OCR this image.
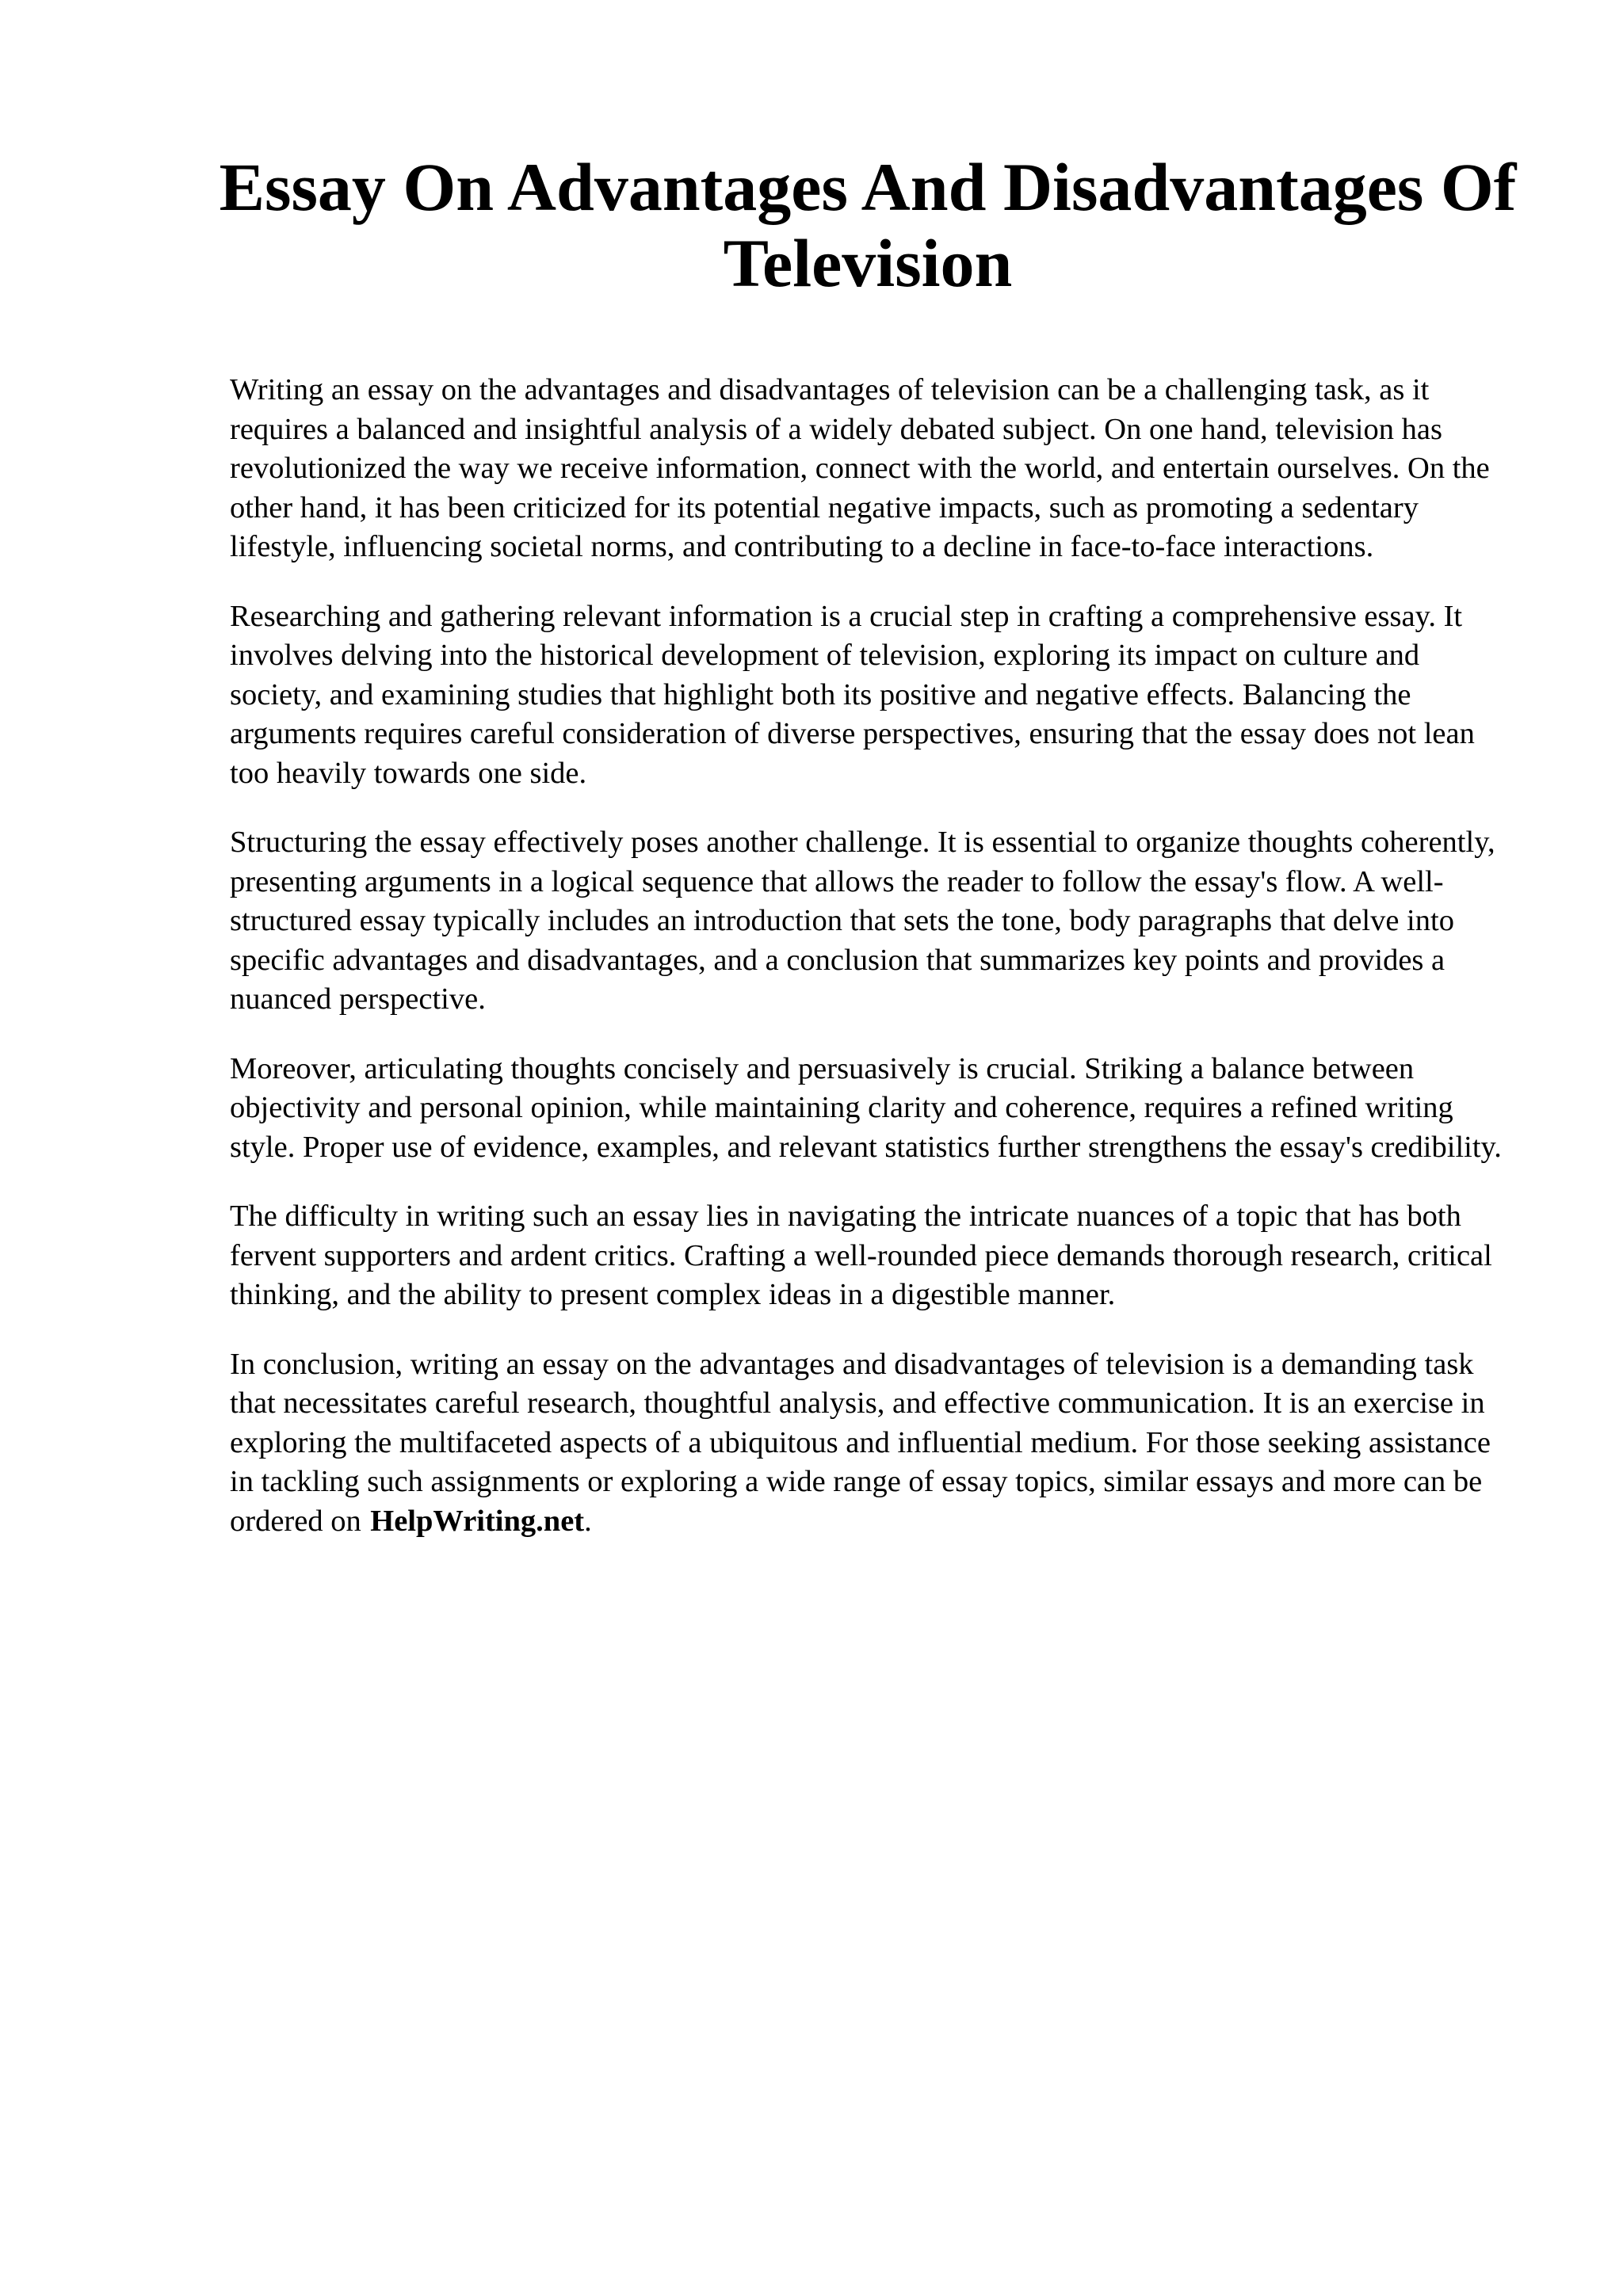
Essay On Advantages And Disadvantages Of Television

Writing an essay on the advantages and disadvantages of television can be a challenging task, as it requires a balanced and insightful analysis of a widely debated subject. On one hand, television has revolutionized the way we receive information, connect with the world, and entertain ourselves. On the other hand, it has been criticized for its potential negative impacts, such as promoting a sedentary lifestyle, influencing societal norms, and contributing to a decline in face-to-face interactions.

Researching and gathering relevant information is a crucial step in crafting a comprehensive essay. It involves delving into the historical development of television, exploring its impact on culture and society, and examining studies that highlight both its positive and negative effects. Balancing the arguments requires careful consideration of diverse perspectives, ensuring that the essay does not lean too heavily towards one side.

Structuring the essay effectively poses another challenge. It is essential to organize thoughts coherently, presenting arguments in a logical sequence that allows the reader to follow the essay's flow. A well-structured essay typically includes an introduction that sets the tone, body paragraphs that delve into specific advantages and disadvantages, and a conclusion that summarizes key points and provides a nuanced perspective.

Moreover, articulating thoughts concisely and persuasively is crucial. Striking a balance between objectivity and personal opinion, while maintaining clarity and coherence, requires a refined writing style. Proper use of evidence, examples, and relevant statistics further strengthens the essay's credibility.

The difficulty in writing such an essay lies in navigating the intricate nuances of a topic that has both fervent supporters and ardent critics. Crafting a well-rounded piece demands thorough research, critical thinking, and the ability to present complex ideas in a digestible manner.

In conclusion, writing an essay on the advantages and disadvantages of television is a demanding task that necessitates careful research, thoughtful analysis, and effective communication. It is an exercise in exploring the multifaceted aspects of a ubiquitous and influential medium. For those seeking assistance in tackling such assignments or exploring a wide range of essay topics, similar essays and more can be ordered on HelpWriting.net.
